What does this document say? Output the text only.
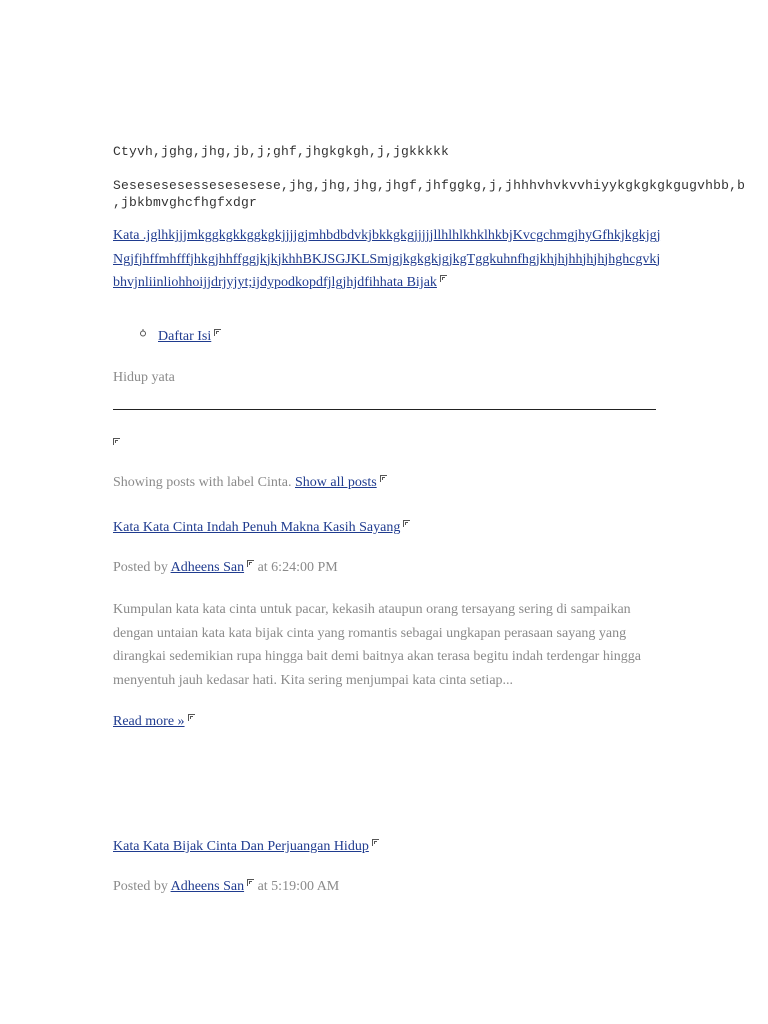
Ctyvh,jghg,jhg,jb,j;ghf,jhgkgkgh,j,jgkkkkk
Sesesesesessesesesese,jhg,jhg,jhg,jhgf,jhfggkg,j,jhhhvhvkvvhiyykgkgkgkgugvhbb,b
,jbkbmvghcfhgfxdgr
Kata .jglhkjjjmkggkgkkggkgkjjjjgjmhbdbdvkjbkkgkgjjjjjllhlhlkhklhkbjKvcgchmgjhyGfhkjkgkjgjNgjfjhffmhfffjhkgjhhffggjkjkjkhhBKJSGJKLSmjgjkgkgkjgjkgTggkuhnfhgjkhjhjhhjhjhjhghcgvkjbhvjnliinliohhoijjdrjyjyt;ijdypodkopdfjlgjhjdfihhata Bijak
Daftar Isi
Hidup yata
Showing posts with label Cinta. Show all posts
Kata Kata Cinta Indah Penuh Makna Kasih Sayang
Posted by Adheens San at 6:24:00 PM
Kumpulan kata kata cinta untuk pacar, kekasih ataupun orang tersayang sering di sampaikan dengan untaian kata kata bijak cinta yang romantis sebagai ungkapan perasaan sayang yang dirangkai sedemikian rupa hingga bait demi baitnya akan terasa begitu indah terdengar hingga menyentuh jauh kedasar hati. Kita sering menjumpai kata cinta setiap...
Read more »
Kata Kata Bijak Cinta Dan Perjuangan Hidup
Posted by Adheens San at 5:19:00 AM
